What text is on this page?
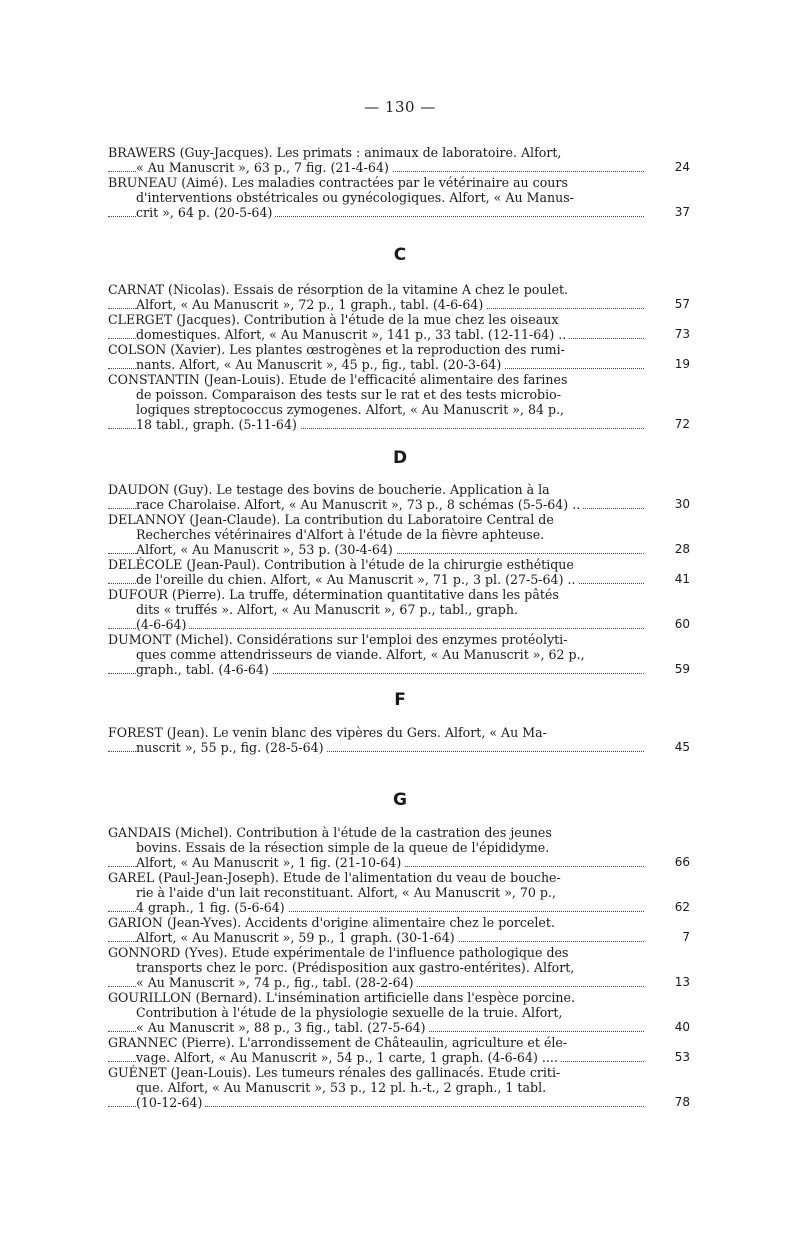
— 130 —
BRAWERS (Guy-Jacques). Les primats : animaux de laboratoire. Alfort,
« Au Manuscrit », 63 p., 7 fig. (21-4-64)	24
BRUNEAU (Aimé). Les maladies contractées par le vétérinaire au cours
d'interventions obstétricales ou gynécologiques. Alfort, « Au Manus-
crit », 64 p. (20-5-64)	37
C
CARNAT (Nicolas). Essais de résorption de la vitamine A chez le poulet.
Alfort, « Au Manuscrit », 72 p., 1 graph., tabl. (4-6-64)	57
CLERGET (Jacques). Contribution à l'étude de la mue chez les oiseaux
domestiques. Alfort, « Au Manuscrit », 141 p., 33 tabl. (12-11-64) ..	73
COLSON (Xavier). Les plantes œstrogènes et la reproduction des rumi-
nants. Alfort, « Au Manuscrit », 45 p., fig., tabl. (20-3-64)	19
CONSTANTIN (Jean-Louis). Etude de l'efficacité alimentaire des farines
de poisson. Comparaison des tests sur le rat et des tests microbio-
logiques streptococcus zymogenes. Alfort, « Au Manuscrit », 84 p.,
18 tabl., graph. (5-11-64)	72
D
DAUDON (Guy). Le testage des bovins de boucherie. Application à la
race Charolaise. Alfort, « Au Manuscrit », 73 p., 8 schémas (5-5-64) ..	30
DELANNOY (Jean-Claude). La contribution du Laboratoire Central de
Recherches vétérinaires d'Alfort à l'étude de la fièvre aphteuse.
Alfort, « Au Manuscrit », 53 p. (30-4-64)	28
DELÉCOLE (Jean-Paul). Contribution à l'étude de la chirurgie esthétique
de l'oreille du chien. Alfort, « Au Manuscrit », 71 p., 3 pl. (27-5-64) ..	41
DUFOUR (Pierre). La truffe, détermination quantitative dans les pâtés
dits « truffés ». Alfort, « Au Manuscrit », 67 p., tabl., graph.
(4-6-64)	60
DUMONT (Michel). Considérations sur l'emploi des enzymes protéolyti-
ques comme attendrisseurs de viande. Alfort, « Au Manuscrit », 62 p.,
graph., tabl. (4-6-64)	59
F
FOREST (Jean). Le venin blanc des vipères du Gers. Alfort, « Au Ma-
nuscrit », 55 p., fig. (28-5-64)	45
G
GANDAIS (Michel). Contribution à l'étude de la castration des jeunes
bovins. Essais de la résection simple de la queue de l'épididyme.
Alfort, « Au Manuscrit », 1 fig. (21-10-64)	66
GAREL (Paul-Jean-Joseph). Etude de l'alimentation du veau de bouche-
rie à l'aide d'un lait reconstituant. Alfort, « Au Manuscrit », 70 p.,
4 graph., 1 fig. (5-6-64)	62
GARION (Jean-Yves). Accidents d'origine alimentaire chez le porcelet.
Alfort, « Au Manuscrit », 59 p., 1 graph. (30-1-64)	7
GONNORD (Yves). Etude expérimentale de l'influence pathologique des
transports chez le porc. (Prédisposition aux gastro-entérites). Alfort,
« Au Manuscrit », 74 p., fig., tabl. (28-2-64)	13
GOURILLON (Bernard). L'insémination artificielle dans l'espèce porcine.
Contribution à l'étude de la physiologie sexuelle de la truie. Alfort,
« Au Manuscrit », 88 p., 3 fig., tabl. (27-5-64)	40
GRANNEC (Pierre). L'arrondissement de Châteaulin, agriculture et éle-
vage. Alfort, « Au Manuscrit », 54 p., 1 carte, 1 graph. (4-6-64) ....	53
GUÉNET (Jean-Louis). Les tumeurs rénales des gallinacés. Etude criti-
que. Alfort, « Au Manuscrit », 53 p., 12 pl. h.-t., 2 graph., 1 tabl.
(10-12-64)	78
